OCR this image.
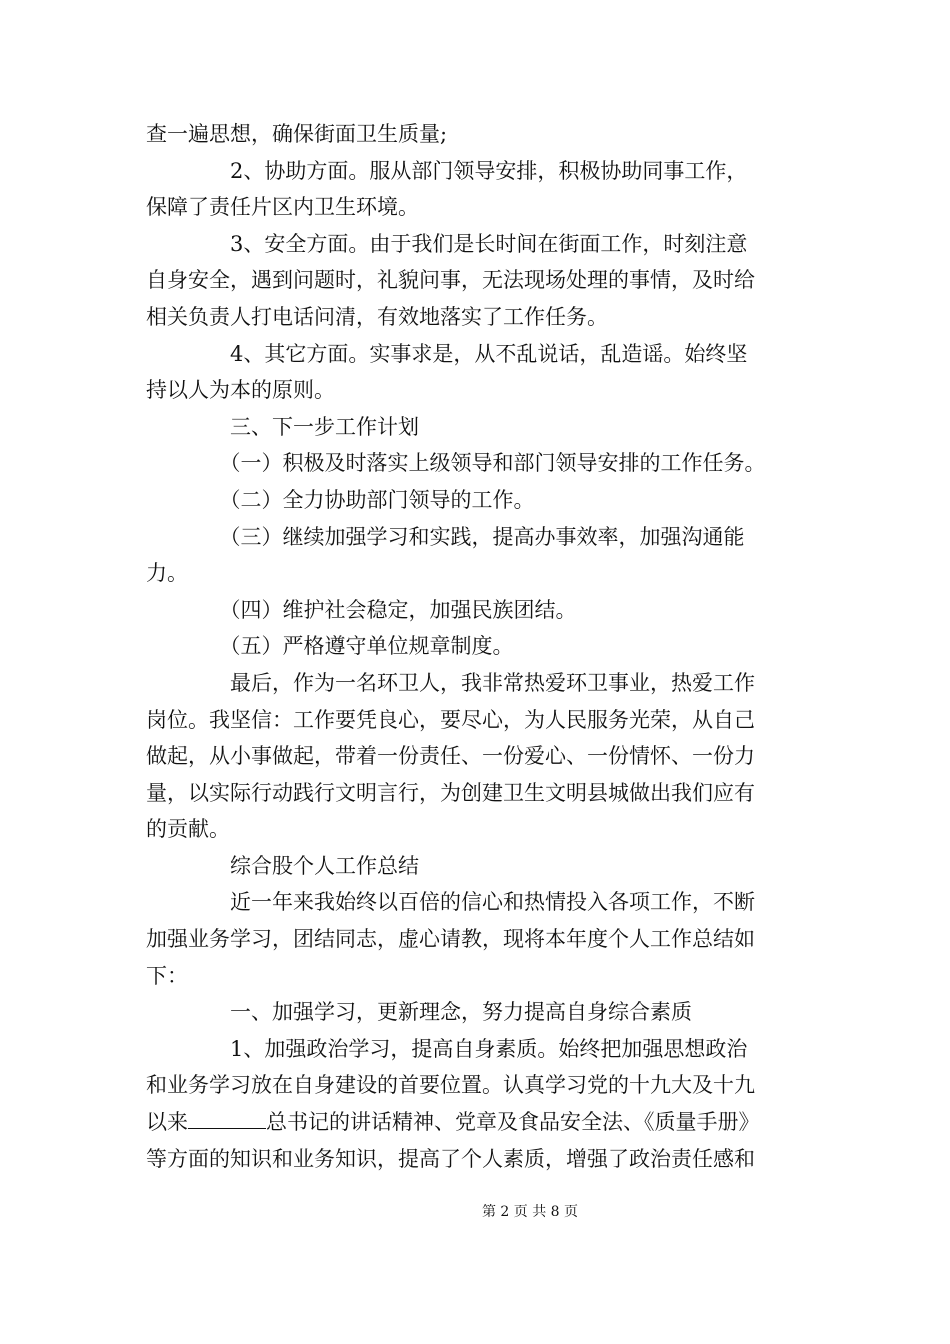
查一遍思想，确保街面卫生质量;
　　　　2、协助方面。服从部门领导安排，积极协助同事工作，
保障了责任片区内卫生环境。
　　　　3、安全方面。由于我们是长时间在街面工作，时刻注意
自身安全，遇到问题时，礼貌问事，无法现场处理的事情，及时给
相关负责人打电话问清，有效地落实了工作任务。
　　　　4、其它方面。实事求是，从不乱说话，乱造谣。始终坚
持以人为本的原则。
　　　　三、下一步工作计划
　　　　（一）积极及时落实上级领导和部门领导安排的工作任务。
　　　　（二）全力协助部门领导的工作。
　　　　（三）继续加强学习和实践，提高办事效率，加强沟通能
力。
　　　　（四）维护社会稳定，加强民族团结。
　　　　（五）严格遵守单位规章制度。
　　　　最后，作为一名环卫人，我非常热爱环卫事业，热爱工作
岗位。我坚信：工作要凭良心，要尽心，为人民服务光荣，从自己
做起，从小事做起，带着一份责任、一份爱心、一份情怀、一份力
量，以实际行动践行文明言行，为创建卫生文明县城做出我们应有
的贡献。
　　　　综合股个人工作总结
　　　　近一年来我始终以百倍的信心和热情投入各项工作，不断
加强业务学习，团结同志，虚心请教，现将本年度个人工作总结如
下：
　　　　一、加强学习，更新理念，努力提高自身综合素质
　　　　1、加强政治学习，提高自身素质。始终把加强思想政治
和业务学习放在自身建设的首要位置。认真学习党的十九大及十九
以来	总书记的讲话精神、党章及食品安全法、《质量手册》
等方面的知识和业务知识，提高了个人素质，增强了政治责任感和
第 2 页 共 8 页
